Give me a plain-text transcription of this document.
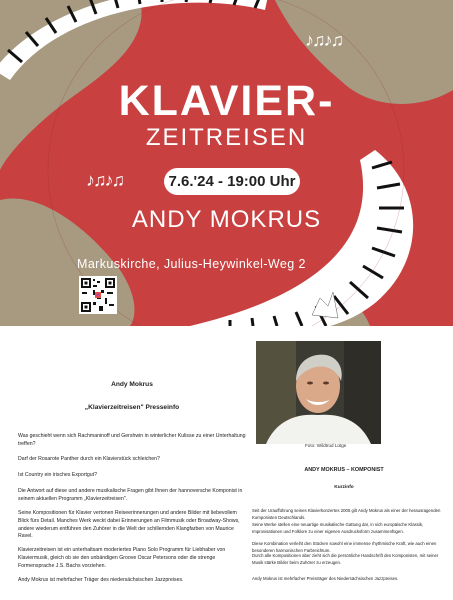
♪♫♪♫
♪♫♪♫
KLAVIER-
ZEITREISEN
7.6.'24 - 19:00 Uhr
ANDY MOKRUS
Markuskirche, Julius-Heywinkel-Weg 2
Andy Mokrus
„Klavierzeitreisen" Presseinfo

Was geschieht wenn sich Rachmaninoff und Gershwin in winterlicher Kulisse zu einer Unterhaltung treffen?

Darf der Rosarote Panther durch ein Klavierstück schleichen?

Ist Country ein irisches Exportgut?

Die Antwort auf diese und andere musikalische Fragen gibt Ihnen der hannoversche Komponist in seinem aktuellen Programm „Klavierzeitreisen".

Seine Kompositionen für Klavier vertonen Reiseerinnerungen und andere Bilder mit liebevollem Blick fürs Detail. Manches Werk weckt dabei Erinnerungen an Filmmusik oder Broadway-Shows, andere wiederum entführen den Zuhörer in die Welt der schillernden Klangfarben von Maurice Ravel.

Klavierzeitreisen ist ein unterhaltsam moderiertes Piano Solo Programm für Liebhaber von Klaviermusik, gleich ob sie den unbändigen Groove Oscar Petersons oder die strenge Formensprache J.S. Bachs vorziehen.

Andy Mokrus ist mehrfacher Träger des niedersächsischen Jazzpreises.

Foto: Wildtrud Lütge
ANDY MOKRUS – KOMPONIST
Kurzinfo

Seit der Uraufführung seines Klavierkonzertes 2005 gilt Andy Mokrus als einer der herausragenden Komponisten Deutschlands.

Seine Werke stellen eine neuartige musikalische Gattung dar, in sich europäische Klassik, Improvisationen und Folklore zu einer eigenen Ausdrucksform zusammenfügen.

Diese Kombination verleiht den Stücken sowohl eine immense rhythmische Kraft, wie auch einen besonderen harmonischen Farbreichtum.

Durch alle Kompositionen aber zieht sich die persönliche Handschrift des Komponisten, mit seiner Musik stärke Bilder beim Zuhörer zu erzeugen.

Andy Mokrus ist mehrfacher Preisträger des Niedersächsischen Jazzpreises.
